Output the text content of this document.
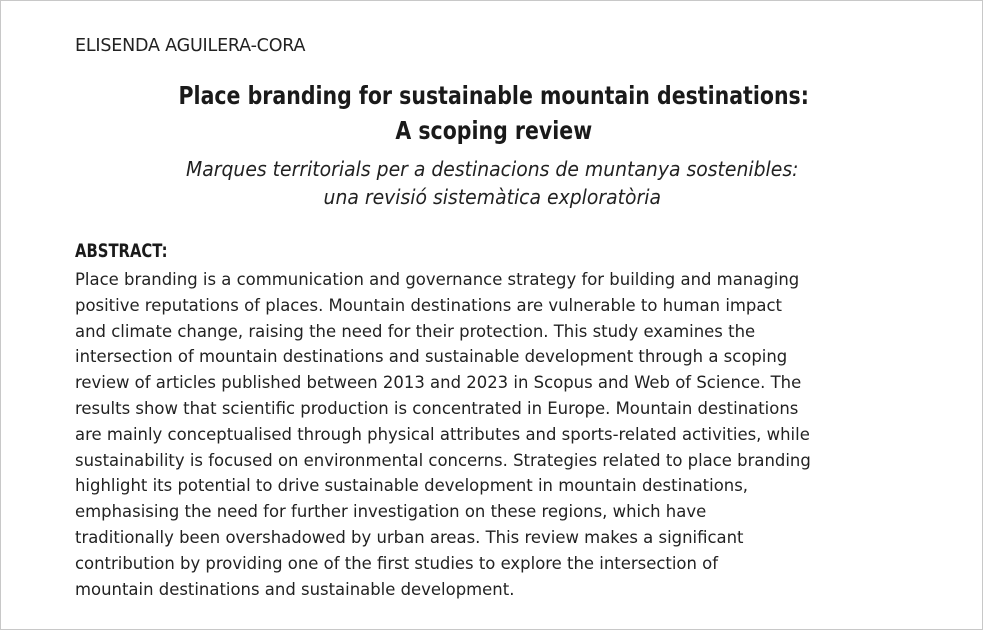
ELISENDA AGUILERA-CORA
Place branding for sustainable mountain destinations:
A scoping review
Marques territorials per a destinacions de muntanya sostenibles:
una revisió sistemàtica exploratòria
ABSTRACT:
Place branding is a communication and governance strategy for building and managing
positive reputations of places. Mountain destinations are vulnerable to human impact
and climate change, raising the need for their protection. This study examines the
intersection of mountain destinations and sustainable development through a scoping
review of articles published between 2013 and 2023 in Scopus and Web of Science. The
results show that scientific production is concentrated in Europe. Mountain destinations
are mainly conceptualised through physical attributes and sports-related activities, while
sustainability is focused on environmental concerns. Strategies related to place branding
highlight its potential to drive sustainable development in mountain destinations,
emphasising the need for further investigation on these regions, which have
traditionally been overshadowed by urban areas. This review makes a significant
contribution by providing one of the first studies to explore the intersection of
mountain destinations and sustainable development.
